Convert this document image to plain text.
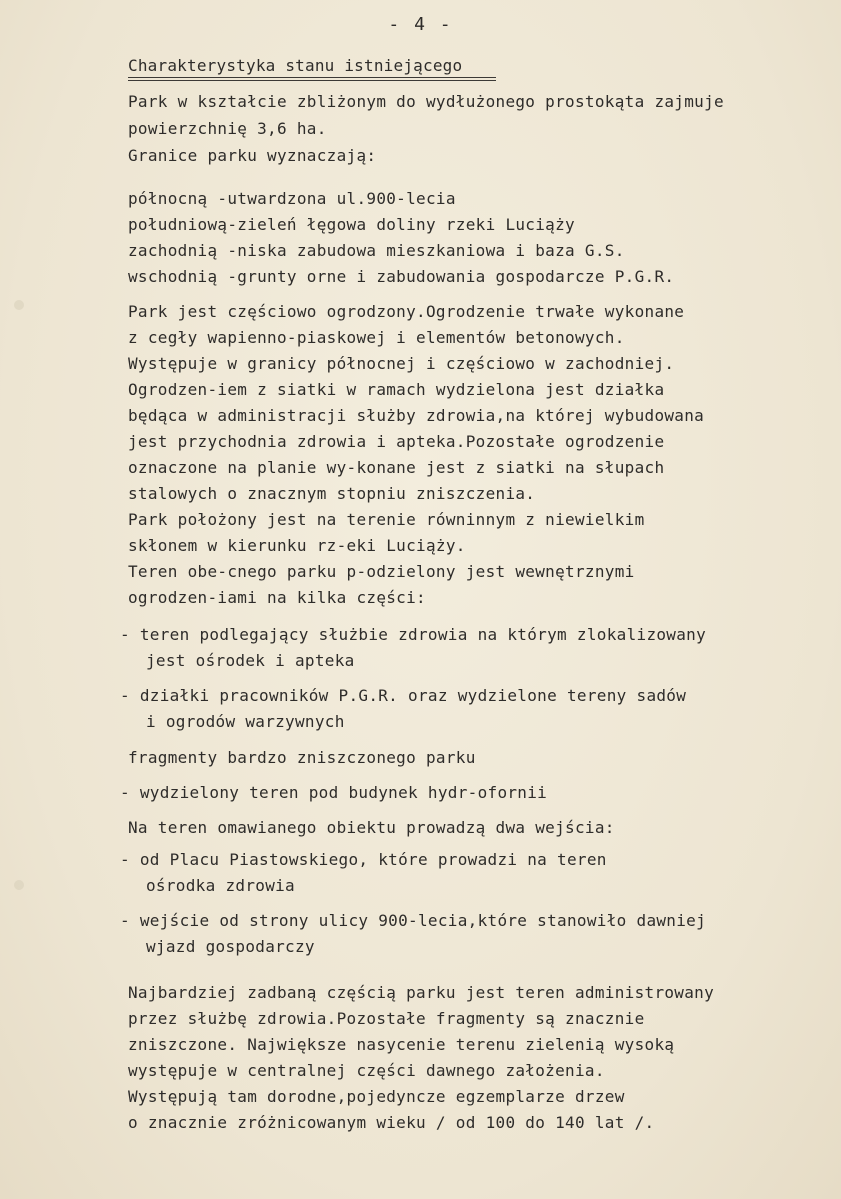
- 4 -
Charakterystyka stanu istniejącego
Park w kształcie zbliżonym do wydłużonego prostokąta zajmuje
powierzchnię 3,6 ha.
Granice parku wyznaczają:
północną -utwardzona ul.900-lecia
południową-zieleń łęgowa doliny rzeki Luciąży
zachodnią -niska zabudowa mieszkaniowa i baza G.S.
wschodnią -grunty orne i zabudowania gospodarcze P.G.R.
Park jest częściowo ogrodzony.Ogrodzenie trwałe wykonane
z cegły wapienno-piaskowej i elementów betonowych.
Występuje w granicy północnej i częściowo w zachodniej.
Ogrodzen-iem z siatki w ramach wydzielona jest działka
będąca w administracji służby zdrowia,na której wybudowana
jest przychodnia zdrowia i apteka.Pozostałe ogrodzenie
oznaczone na planie wy-konane jest z siatki na słupach
stalowych o znacznym stopniu zniszczenia.
Park położony jest na terenie równinnym z niewielkim
skłonem w kierunku rz-eki Luciąży.
Teren obe-cnego parku p-odzielony jest wewnętrznymi
ogrodzen-iami na kilka części:
- teren podlegający służbie zdrowia na którym zlokalizowany
jest ośrodek i apteka
- działki pracowników P.G.R. oraz wydzielone tereny sadów
i ogrodów warzywnych
fragmenty bardzo zniszczonego parku
- wydzielony teren pod budynek hydr-ofornii
Na teren omawianego obiektu prowadzą dwa wejścia:
- od Placu Piastowskiego, które prowadzi na teren
ośrodka zdrowia
- wejście od strony ulicy 900-lecia,które stanowiło dawniej
wjazd gospodarczy
Najbardziej zadbaną częścią parku jest teren administrowany
przez służbę zdrowia.Pozostałe fragmenty są znacznie
zniszczone. Największe nasycenie terenu zielenią wysoką
występuje w centralnej części dawnego założenia.
Występują tam dorodne,pojedyncze egzemplarze drzew
o znacznie zróżnicowanym wieku / od 100 do 140 lat /.
